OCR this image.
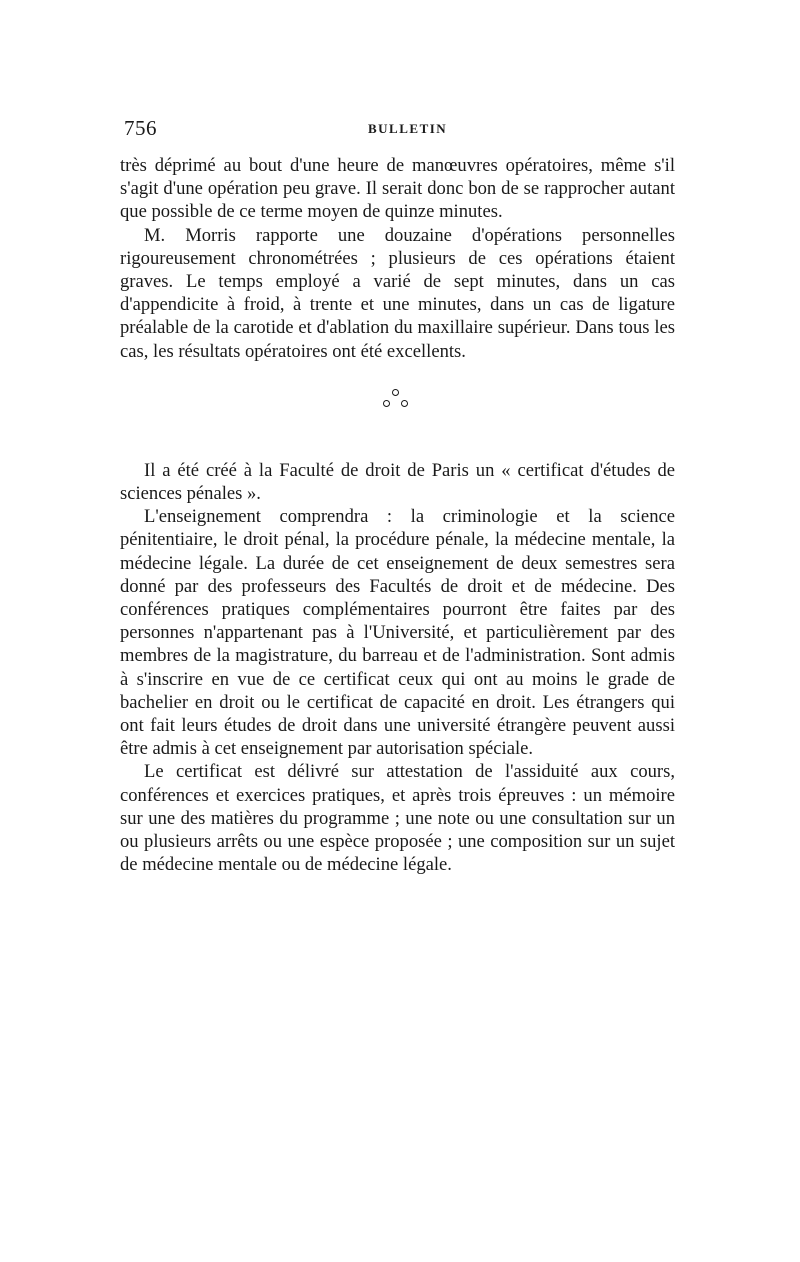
756	BULLETIN

très déprimé au bout d'une heure de manœuvres opératoires, même s'il s'agit d'une opération peu grave. Il serait donc bon de se rapprocher autant que possible de ce terme moyen de quinze minutes.

M. Morris rapporte une douzaine d'opérations personnelles rigoureusement chronométrées ; plusieurs de ces opérations étaient graves. Le temps employé a varié de sept minutes, dans un cas d'appendicite à froid, à trente et une minutes, dans un cas de ligature préalable de la carotide et d'ablation du maxillaire supérieur. Dans tous les cas, les résultats opératoires ont été excellents.

Il a été créé à la Faculté de droit de Paris un « certificat d'études de sciences pénales ».

L'enseignement comprendra : la criminologie et la science pénitentiaire, le droit pénal, la procédure pénale, la médecine mentale, la médecine légale. La durée de cet enseignement de deux semestres sera donné par des professeurs des Facultés de droit et de médecine. Des conférences pratiques complémentaires pourront être faites par des personnes n'appartenant pas à l'Université, et particulièrement par des membres de la magistrature, du barreau et de l'administration. Sont admis à s'inscrire en vue de ce certificat ceux qui ont au moins le grade de bachelier en droit ou le certificat de capacité en droit. Les étrangers qui ont fait leurs études de droit dans une université étrangère peuvent aussi être admis à cet enseignement par autorisation spéciale.

Le certificat est délivré sur attestation de l'assiduité aux cours, conférences et exercices pratiques, et après trois épreuves : un mémoire sur une des matières du programme ; une note ou une consultation sur un ou plusieurs arrêts ou une espèce proposée ; une composition sur un sujet de médecine mentale ou de médecine légale.
